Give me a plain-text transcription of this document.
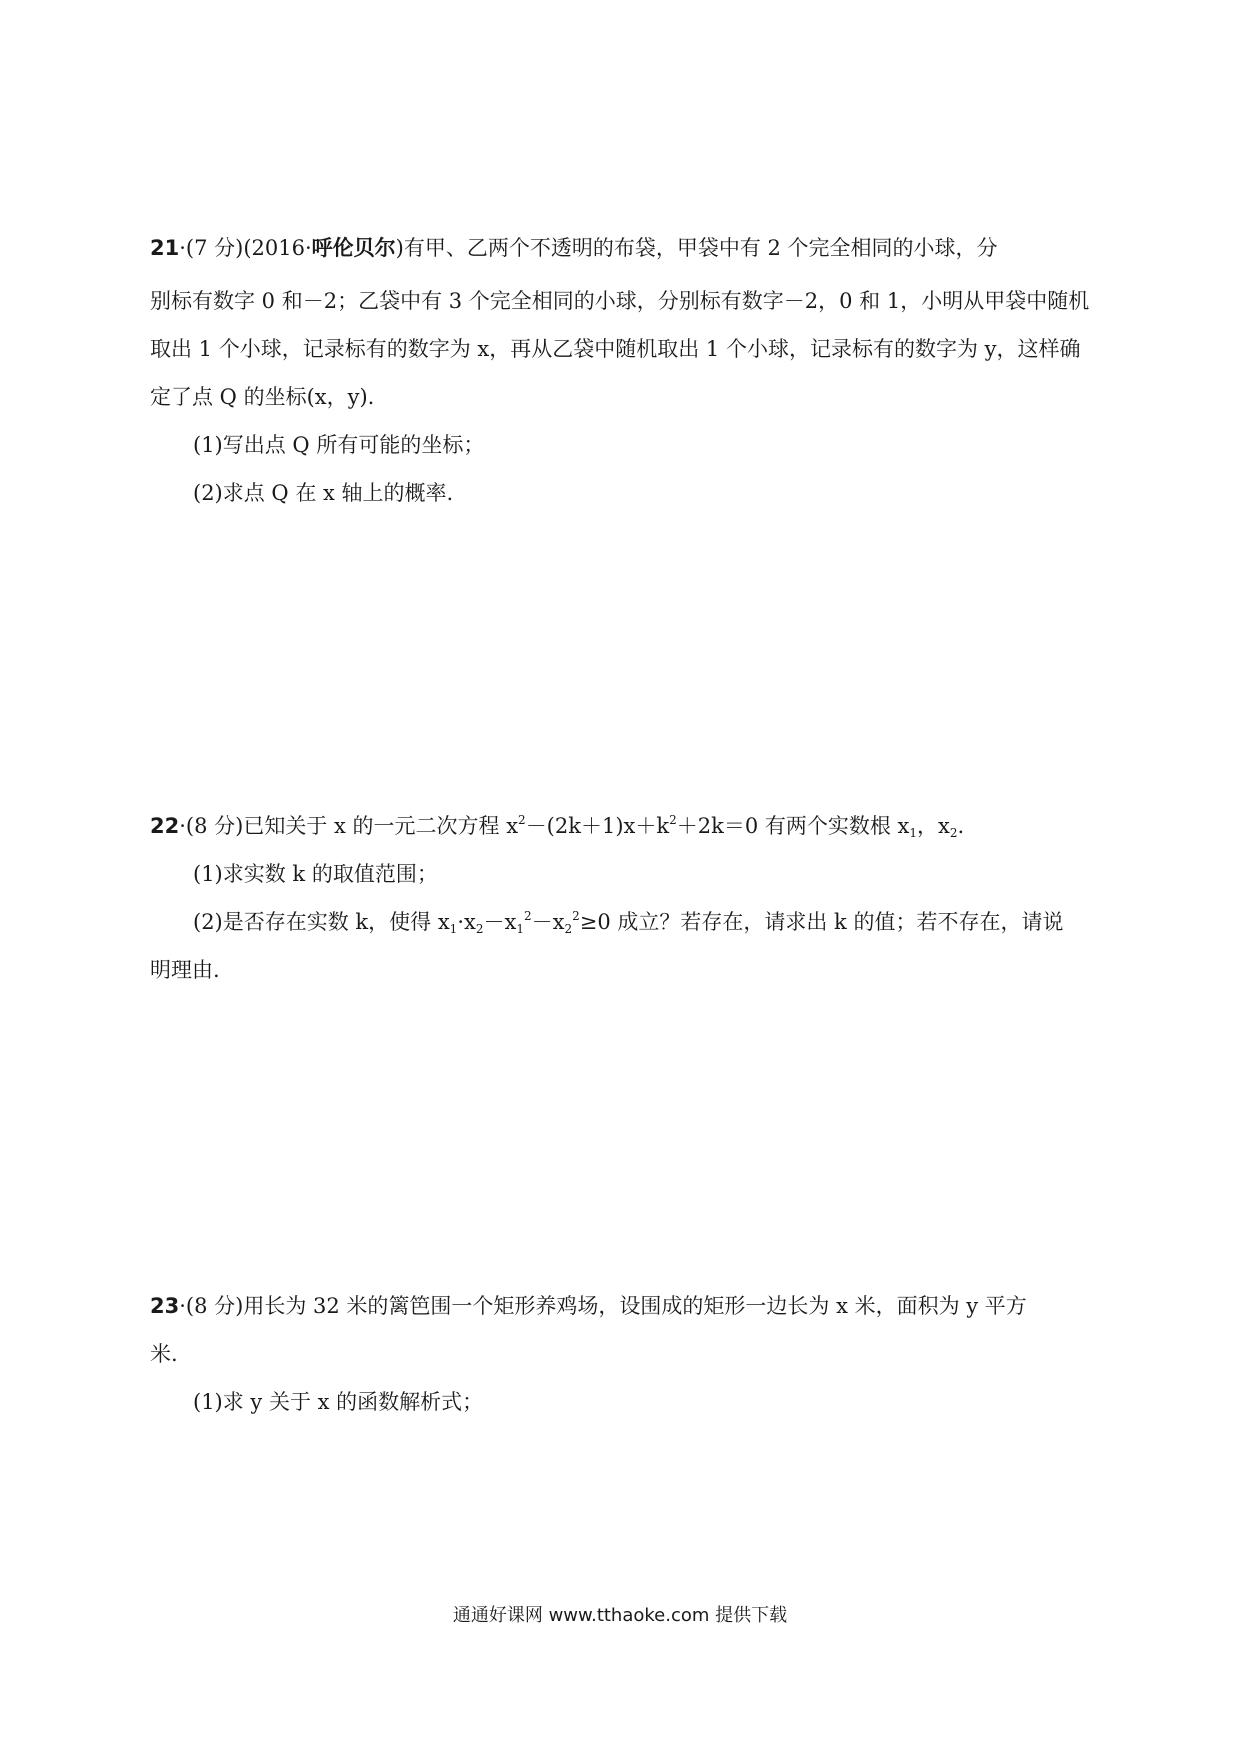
21·(7 分)(2016·呼伦贝尔)有甲、乙两个不透明的布袋，甲袋中有 2 个完全相同的小球，分
别标有数字 0 和－2；乙袋中有 3 个完全相同的小球，分别标有数字－2，0 和 1，小明从甲袋中随机
取出 1 个小球，记录标有的数字为 x，再从乙袋中随机取出 1 个小球，记录标有的数字为 y，这样确
定了点 Q 的坐标(x，y).
(1)写出点 Q 所有可能的坐标；
(2)求点 Q 在 x 轴上的概率.
22·(8 分)已知关于 x 的一元二次方程 $x^2-(2k+1)x+k^2+2k=0$ 有两个实数根 $x_1$，$x_2$.
(1)求实数 k 的取值范围；
(2)是否存在实数 k，使得 $x_1\cdot x_2-x_1^2-x_2^2\ge 0$ 成立？若存在，请求出 k 的值；若不存在，请说
明理由.
23·(8 分)用长为 32 米的篱笆围一个矩形养鸡场，设围成的矩形一边长为 x 米，面积为 y 平方
米.
(1)求 y 关于 x 的函数解析式；
通通好课网 www.tthaoke.com 提供下载
